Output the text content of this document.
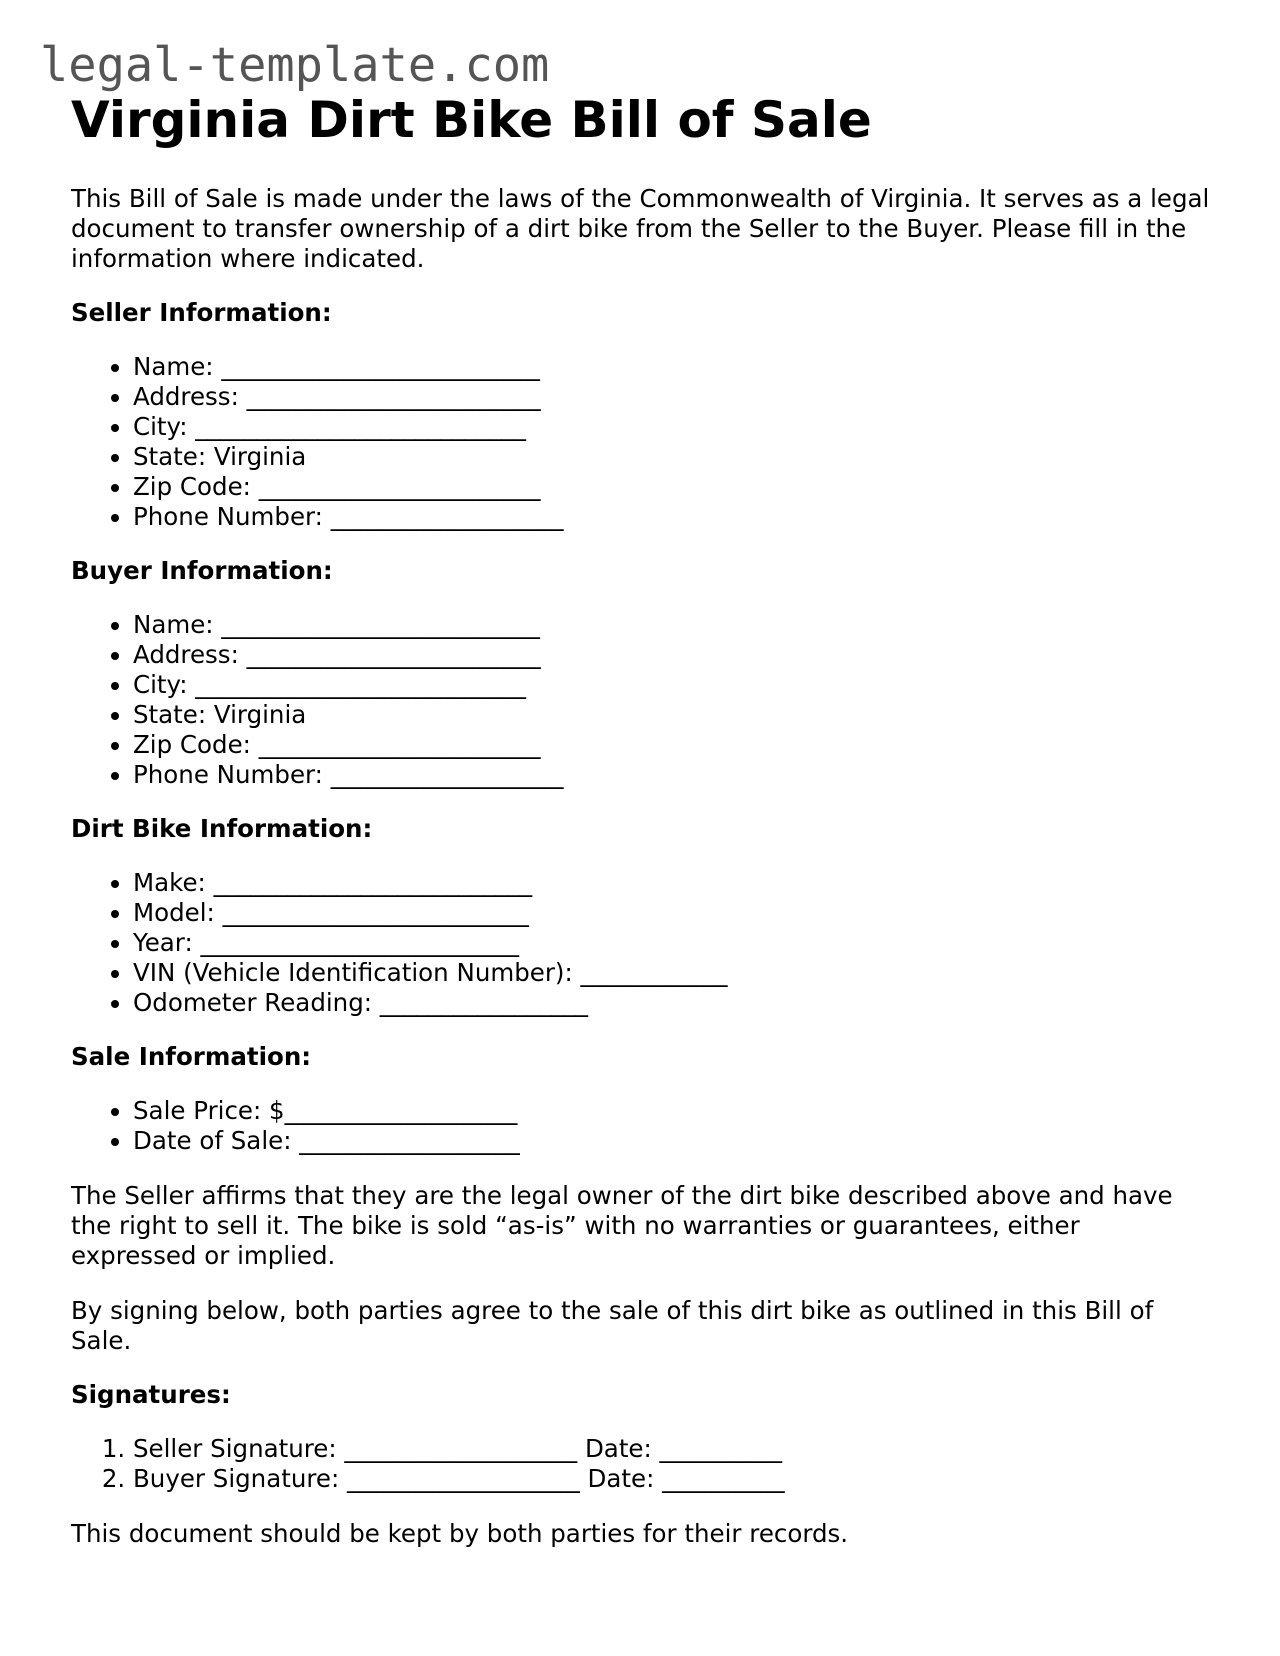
legal-template.com
Virginia Dirt Bike Bill of Sale

This Bill of Sale is made under the laws of the Commonwealth of Virginia. It serves as a legal document to transfer ownership of a dirt bike from the Seller to the Buyer. Please fill in the information where indicated.

Seller Information:
• Name: __________________________
• Address: ________________________
• City: ___________________________
• State: Virginia
• Zip Code: _______________________
• Phone Number: ___________________
Buyer Information:
• Name: __________________________
• Address: ________________________
• City: ___________________________
• State: Virginia
• Zip Code: _______________________
• Phone Number: ___________________
Dirt Bike Information:
• Make: __________________________
• Model: _________________________
• Year: __________________________
• VIN (Vehicle Identification Number): ____________
• Odometer Reading: _________________
Sale Information:
• Sale Price: $___________________
• Date of Sale: __________________

The Seller affirms that they are the legal owner of the dirt bike described above and have the right to sell it. The bike is sold “as-is” with no warranties or guarantees, either expressed or implied.

By signing below, both parties agree to the sale of this dirt bike as outlined in this Bill of Sale.

Signatures:
1. Seller Signature: ___________________ Date: __________
2. Buyer Signature: ___________________ Date: __________

This document should be kept by both parties for their records.
